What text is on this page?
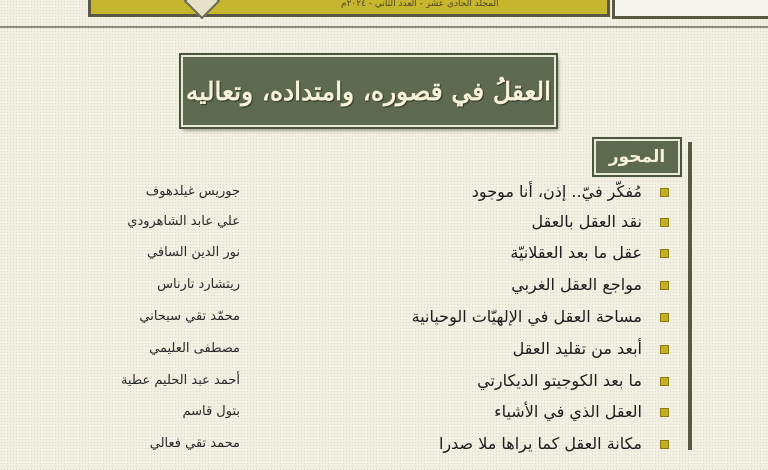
المجلد الحادي عشر - العدد الثاني - ٢٠٢٤م
العقلُ في قصوره، وامتداده، وتعاليه
المحور
مُفكّر فيّ.. إذن، أنا موجود
جوريس غيلدهوف
نقد العقل بالعقل
علي عابد الشاهرودي
عقل ما بعد العقلانيّة
نور الدين السافي
مواجع العقل الغربي
ريتشارد تارناس
مساحة العقل في الإلهيّات الوحيانية
محمّد تقي سبحاني
أبعد من تقليد العقل
مصطفى العليمي
ما بعد الكوجيتو الديكارتي
أحمد عبد الحليم عطية
العقل الذي في الأشياء
بتول قاسم
مكانة العقل كما يراها ملا صدرا
محمد تقي فعالي
